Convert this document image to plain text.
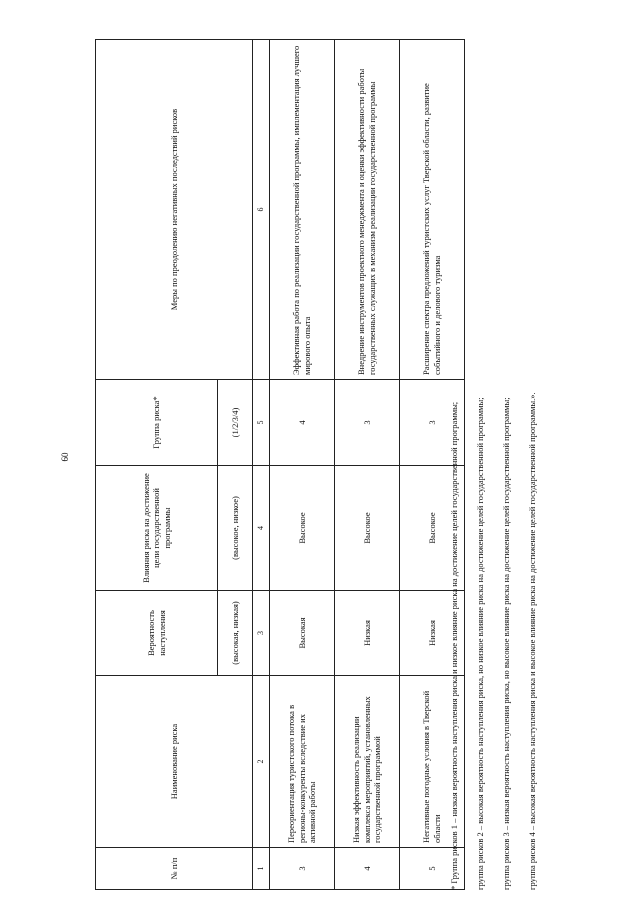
60
№ п/п	Наименование риска	Вероятность наступления	Влияния риска на достижение цели государственной программы	Группа риска*	Меры по преодолению негативных последствий рисков
		(высокая, низкая)	(высокое, низкое)	(1/2/3/4)	
1	2	3	4	5	6
3	Переориентация туристского потока в регионы-конкуренты вследствие их активной работы	Высокая	Высокое	4	Эффективная работа по реализации государственной программы, имплементация лучшего мирового опыта
4	Низкая эффективность реализации комплекса мероприятий, установленных государственной программой	Низкая	Высокое	3	Внедрение инструментов проектного менеджмента и оценки эффективности работы государственных служащих в механизм реализации государственной программы
5	Негативные погодные условия в Тверской области	Низкая	Высокое	3	Расширение спектра предложений туристских услуг Тверской области, развитие событийного и делового туризма
* Группа рисков 1 – низкая вероятность наступления риска и низкое влияние риска на достижение целей государственной программы;	группа рисков 2 – высокая вероятность наступления риска, но низкое влияние риска на достижение целей государственной программы;	группа рисков 3 – низкая вероятность наступления риска, но высокое влияние риска на достижение целей государственной программы;	группа рисков 4 – высокая вероятность наступления риска и высокое влияние риска на достижение целей государственной программы.».
